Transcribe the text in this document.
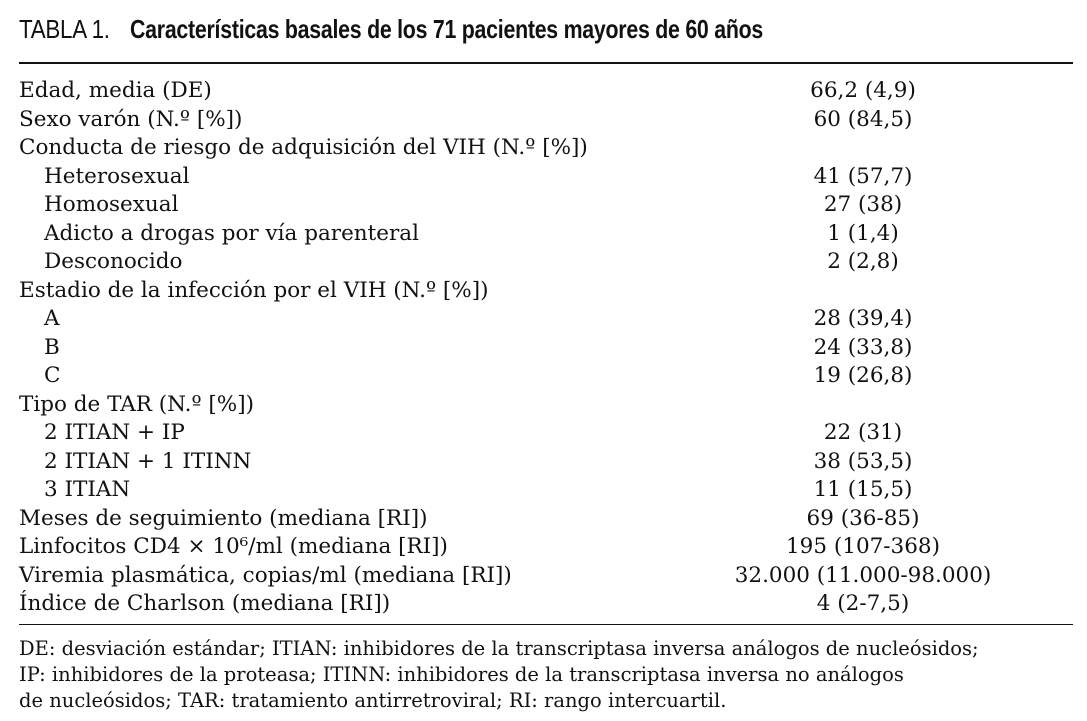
TABLA 1. Características basales de los 71 pacientes mayores de 60 años
Edad, media (DE)	66,2 (4,9)
Sexo varón (N.º [%])	60 (84,5)
Conducta de riesgo de adquisición del VIH (N.º [%])
Heterosexual	41 (57,7)
Homosexual	27 (38)
Adicto a drogas por vía parenteral	1 (1,4)
Desconocido	2 (2,8)
Estadio de la infección por el VIH (N.º [%])
A	28 (39,4)
B	24 (33,8)
C	19 (26,8)
Tipo de TAR (N.º [%])
2 ITIAN + IP	22 (31)
2 ITIAN + 1 ITINN	38 (53,5)
3 ITIAN	11 (15,5)
Meses de seguimiento (mediana [RI])	69 (36-85)
Linfocitos CD4 × 10⁶/ml (mediana [RI])	195 (107-368)
Viremia plasmática, copias/ml (mediana [RI])	32.000 (11.000-98.000)
Índice de Charlson (mediana [RI])	4 (2-7,5)
DE: desviación estándar; ITIAN: inhibidores de la transcriptasa inversa análogos de nucleósidos;
IP: inhibidores de la proteasa; ITINN: inhibidores de la transcriptasa inversa no análogos
de nucleósidos; TAR: tratamiento antirretroviral; RI: rango intercuartil.
